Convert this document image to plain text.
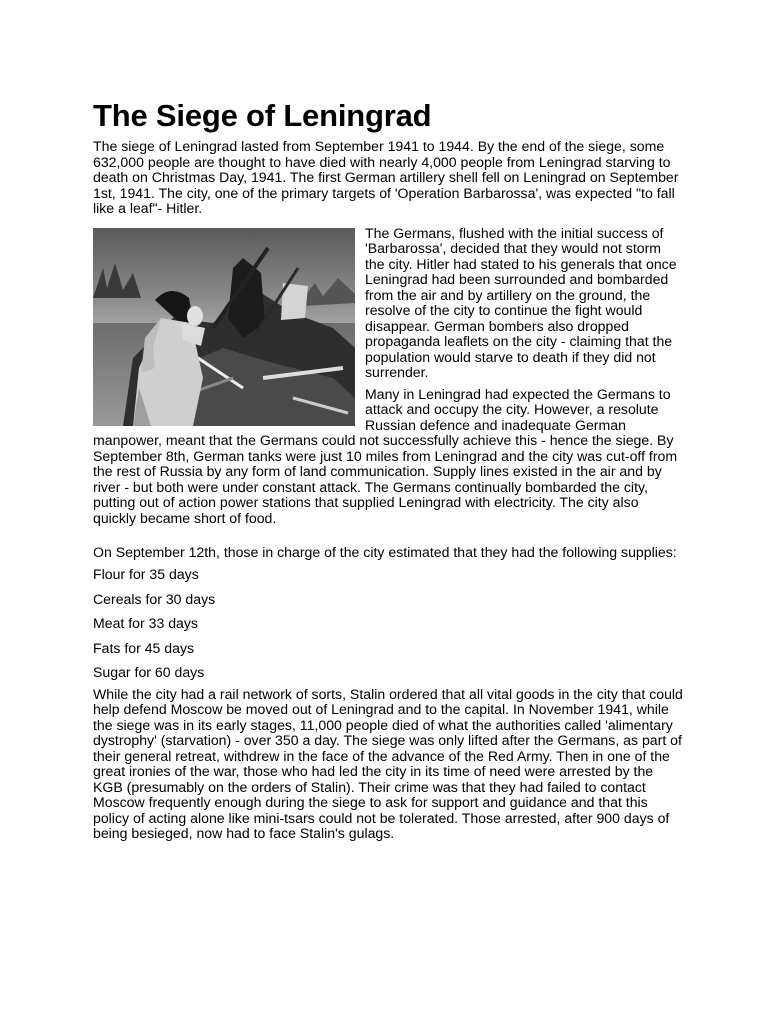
The Siege of Leningrad

The siege of Leningrad lasted from September 1941 to 1944. By the end of the siege, some 632,000 people are thought to have died with nearly 4,000 people from Leningrad starving to death on Christmas Day, 1941. The first German artillery shell fell on Leningrad on September 1st, 1941. The city, one of the primary targets of 'Operation Barbarossa', was expected "to fall like a leaf"- Hitler.

The Germans, flushed with the initial success of 'Barbarossa', decided that they would not storm the city. Hitler had stated to his generals that once Leningrad had been surrounded and bombarded from the air and by artillery on the ground, the resolve of the city to continue the fight would disappear. German bombers also dropped propaganda leaflets on the city - claiming that the population would starve to death if they did not surrender.

Many in Leningrad had expected the Germans to attack and occupy the city. However, a resolute Russian defence and inadequate German manpower, meant that the Germans could not successfully achieve this - hence the siege. By September 8th, German tanks were just 10 miles from Leningrad and the city was cut-off from the rest of Russia by any form of land communication. Supply lines existed in the air and by river - but both were under constant attack. The Germans continually bombarded the city, putting out of action power stations that supplied Leningrad with electricity. The city also quickly became short of food.

On September 12th, those in charge of the city estimated that they had the following supplies:

Flour for 35 days

Cereals for 30 days

Meat for 33 days

Fats for 45 days

Sugar for 60 days

While the city had a rail network of sorts, Stalin ordered that all vital goods in the city that could help defend Moscow be moved out of Leningrad and to the capital. In November 1941, while the siege was in its early stages, 11,000 people died of what the authorities called 'alimentary dystrophy' (starvation) - over 350 a day. The siege was only lifted after the Germans, as part of their general retreat, withdrew in the face of the advance of the Red Army. Then in one of the great ironies of the war, those who had led the city in its time of need were arrested by the KGB (presumably on the orders of Stalin). Their crime was that they had failed to contact Moscow frequently enough during the siege to ask for support and guidance and that this policy of acting alone like mini-tsars could not be tolerated. Those arrested, after 900 days of being besieged, now had to face Stalin's gulags.
